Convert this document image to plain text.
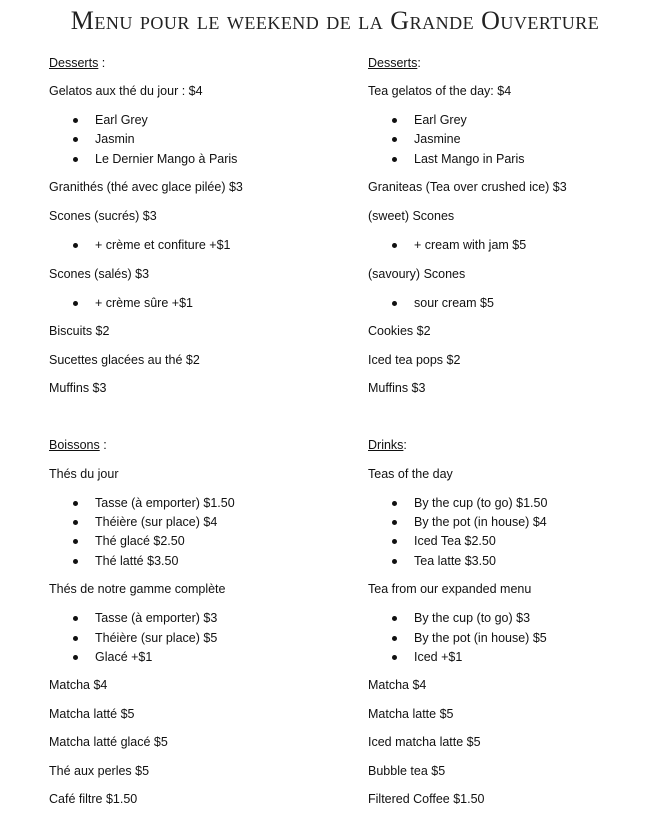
Menu pour le weekend de la Grande Ouverture
Desserts :
Gelatos aux thé du jour : $4
Earl Grey
Jasmin
Le Dernier Mango à Paris
Granithés (thé avec glace pilée) $3
Scones (sucrés) $3
+ crème et confiture +$1
Scones (salés) $3
+ crème sûre +$1
Biscuits $2
Sucettes glacées au thé $2
Muffins $3
Boissons :
Thés du jour
Tasse (à emporter) $1.50
Théière (sur place) $4
Thé glacé $2.50
Thé latté $3.50
Thés de notre gamme complète
Tasse (à emporter) $3
Théière (sur place) $5
Glacé +$1
Matcha $4
Matcha latté $5
Matcha latté glacé $5
Thé aux perles $5
Café filtre $1.50
Desserts:
Tea gelatos of the day: $4
Earl Grey
Jasmine
Last Mango in Paris
Graniteas (Tea over crushed ice) $3
(sweet) Scones
+ cream with jam $5
(savoury) Scones
sour cream $5
Cookies $2
Iced tea pops $2
Muffins $3
Drinks:
Teas of the day
By the cup (to go) $1.50
By the pot (in house) $4
Iced Tea $2.50
Tea latte $3.50
Tea from our expanded menu
By the cup (to go) $3
By the pot (in house) $5
Iced +$1
Matcha $4
Matcha latte $5
Iced matcha latte $5
Bubble tea $5
Filtered Coffee $1.50
